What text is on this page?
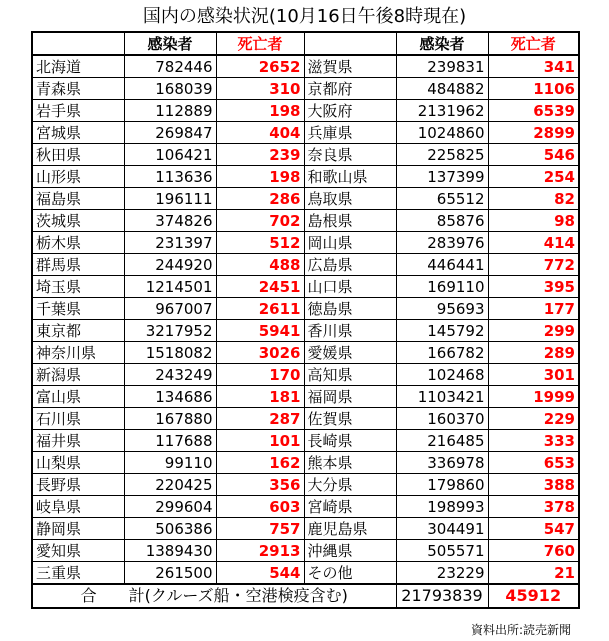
国内の感染状況(10月16日午後8時現在)
	感染者	死亡者		感染者	死亡者
北海道	782446	2652	滋賀県	239831	341
青森県	168039	310	京都府	484882	1106
岩手県	112889	198	大阪府	2131962	6539
宮城県	269847	404	兵庫県	1024860	2899
秋田県	106421	239	奈良県	225825	546
山形県	113636	198	和歌山県	137399	254
福島県	196111	286	鳥取県	65512	82
茨城県	374826	702	島根県	85876	98
栃木県	231397	512	岡山県	283976	414
群馬県	244920	488	広島県	446441	772
埼玉県	1214501	2451	山口県	169110	395
千葉県	967007	2611	徳島県	95693	177
東京都	3217952	5941	香川県	145792	299
神奈川県	1518082	3026	愛媛県	166782	289
新潟県	243249	170	高知県	102468	301
富山県	134686	181	福岡県	1103421	1999
石川県	167880	287	佐賀県	160370	229
福井県	117688	101	長崎県	216485	333
山梨県	99110	162	熊本県	336978	653
長野県	220425	356	大分県	179860	388
岐阜県	299604	603	宮崎県	198993	378
静岡県	506386	757	鹿児島県	304491	547
愛知県	1389430	2913	沖縄県	505571	760
三重県	261500	544	その他	23229	21
合　　計(クルーズ船・空港検疫含む)				21793839	45912
資料出所:読売新聞
